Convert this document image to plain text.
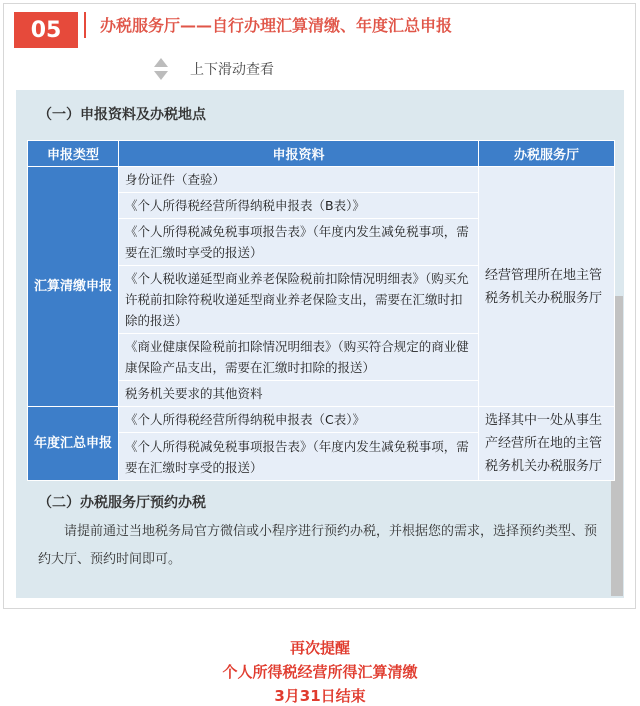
05	办税服务厅——自行办理汇算清缴、年度汇总申报
上下滑动查看
（一）申报资料及办税地点
申报类型	申报资料	办税服务厅
汇算清缴申报	身份证件（查验）	经营管理所在地主管税务机关办税服务厅
	《个人所得税经营所得纳税申报表（B表）》	
	《个人所得税减免税事项报告表》（年度内发生减免税事项，需要在汇缴时享受的报送）	
	《个人税收递延型商业养老保险税前扣除情况明细表》（购买允许税前扣除符税收递延型商业养老保险支出，需要在汇缴时扣除的报送）	
	《商业健康保险税前扣除情况明细表》（购买符合规定的商业健康保险产品支出，需要在汇缴时扣除的报送）	
	税务机关要求的其他资料	
年度汇总申报	《个人所得税经营所得纳税申报表（C表）》	选择其中一处从事生产经营所在地的主管税务机关办税服务厅
	《个人所得税减免税事项报告表》（年度内发生减免税事项，需要在汇缴时享受的报送）	
（二）办税服务厅预约办税
请提前通过当地税务局官方微信或小程序进行预约办税，并根据您的需求，选择预约类型、预约大厅、预约时间即可。
再次提醒
个人所得税经营所得汇算清缴
3月31日结束
